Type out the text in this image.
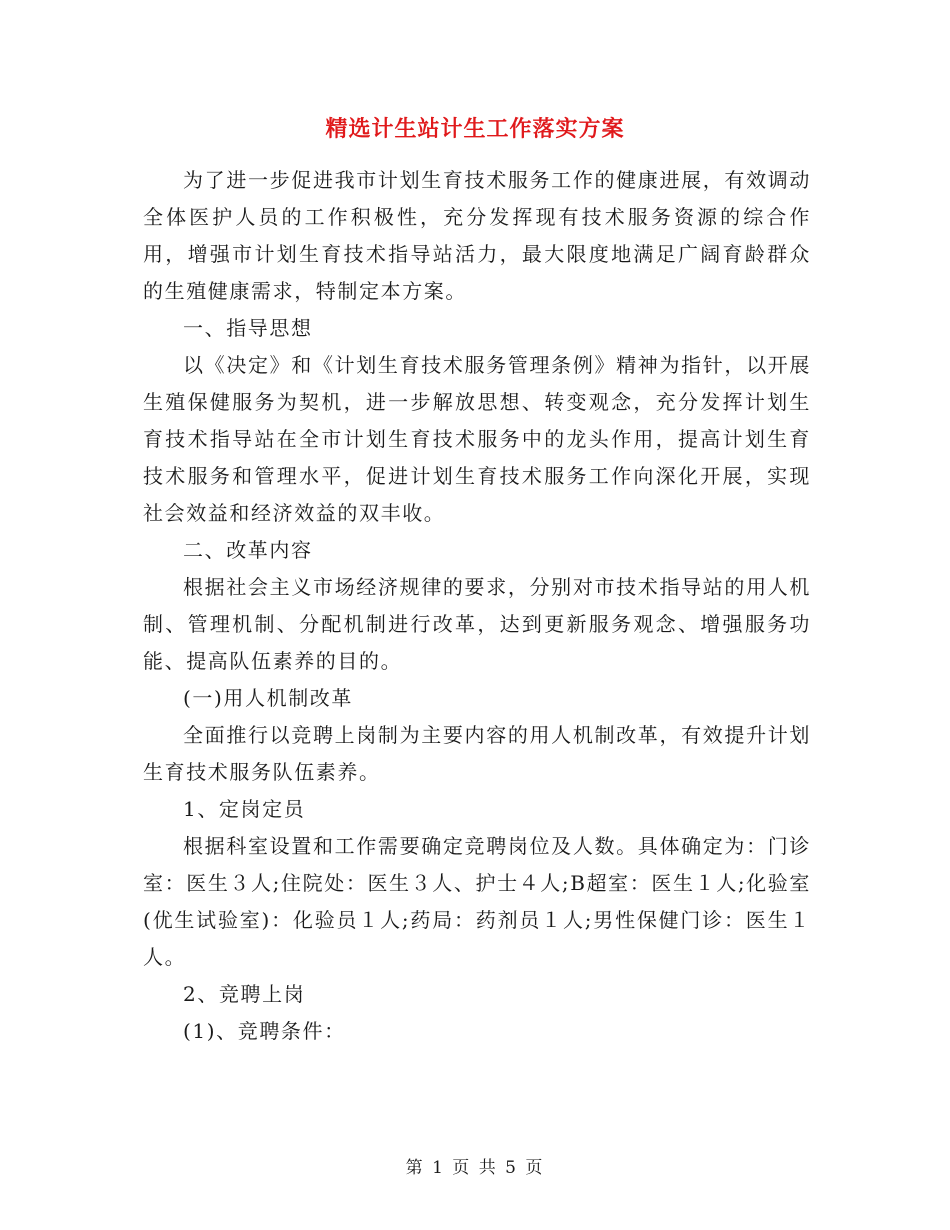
精选计生站计生工作落实方案

为了进一步促进我市计划生育技术服务工作的健康进展，有效调动全体医护人员的工作积极性，充分发挥现有技术服务资源的综合作用，增强市计划生育技术指导站活力，最大限度地满足广阔育龄群众的生殖健康需求，特制定本方案。

一、指导思想

以《决定》和《计划生育技术服务管理条例》精神为指针，以开展生殖保健服务为契机，进一步解放思想、转变观念，充分发挥计划生育技术指导站在全市计划生育技术服务中的龙头作用，提高计划生育技术服务和管理水平，促进计划生育技术服务工作向深化开展，实现社会效益和经济效益的双丰收。

二、改革内容

根据社会主义市场经济规律的要求，分别对市技术指导站的用人机制、管理机制、分配机制进行改革，达到更新服务观念、增强服务功能、提高队伍素养的目的。

(一)用人机制改革

全面推行以竞聘上岗制为主要内容的用人机制改革，有效提升计划生育技术服务队伍素养。

1、定岗定员

根据科室设置和工作需要确定竞聘岗位及人数。具体确定为：门诊室：医生３人;住院处：医生３人、护士４人;B超室：医生１人;化验室(优生试验室)：化验员１人;药局：药剂员１人;男性保健门诊：医生１人。

2、竞聘上岗

(1)、竞聘条件：

第 1 页 共 5 页
